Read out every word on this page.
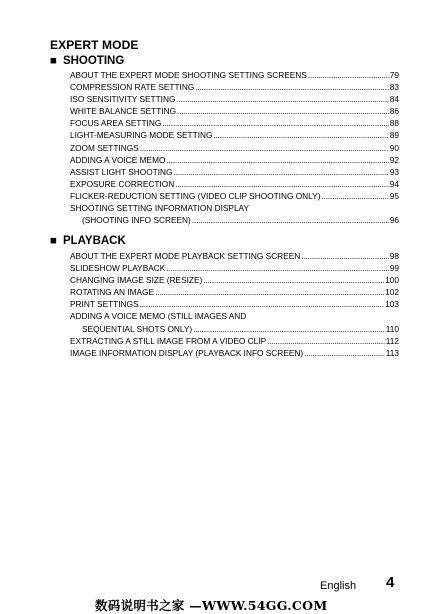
EXPERT MODE
■ SHOOTING
ABOUT THE EXPERT MODE SHOOTING SETTING SCREENS .....	79
COMPRESSION RATE SETTING .....	83
ISO SENSITIVITY SETTING .....	84
WHITE BALANCE SETTING .....	86
FOCUS AREA SETTING .....	88
LIGHT-MEASURING MODE SETTING .....	89
ZOOM SETTINGS .....	90
ADDING A VOICE MEMO .....	92
ASSIST LIGHT SHOOTING .....	93
EXPOSURE CORRECTION .....	94
FLICKER-REDUCTION SETTING (VIDEO CLIP SHOOTING ONLY) .....	95
SHOOTING SETTING INFORMATION DISPLAY
(SHOOTING INFO SCREEN) .....	96
■ PLAYBACK
ABOUT THE EXPERT MODE PLAYBACK SETTING SCREEN .....	98
SLIDESHOW PLAYBACK .....	99
CHANGING IMAGE SIZE (RESIZE) .....	100
ROTATING AN IMAGE .....	102
PRINT SETTINGS .....	103
ADDING A VOICE MEMO (STILL IMAGES AND
SEQUENTIAL SHOTS ONLY) .....	110
EXTRACTING A STILL IMAGE FROM A VIDEO CLIP .....	112
IMAGE INFORMATION DISPLAY (PLAYBACK INFO SCREEN) .....	113
English 4
数码说明书之家 —WWW.54GG.COM
